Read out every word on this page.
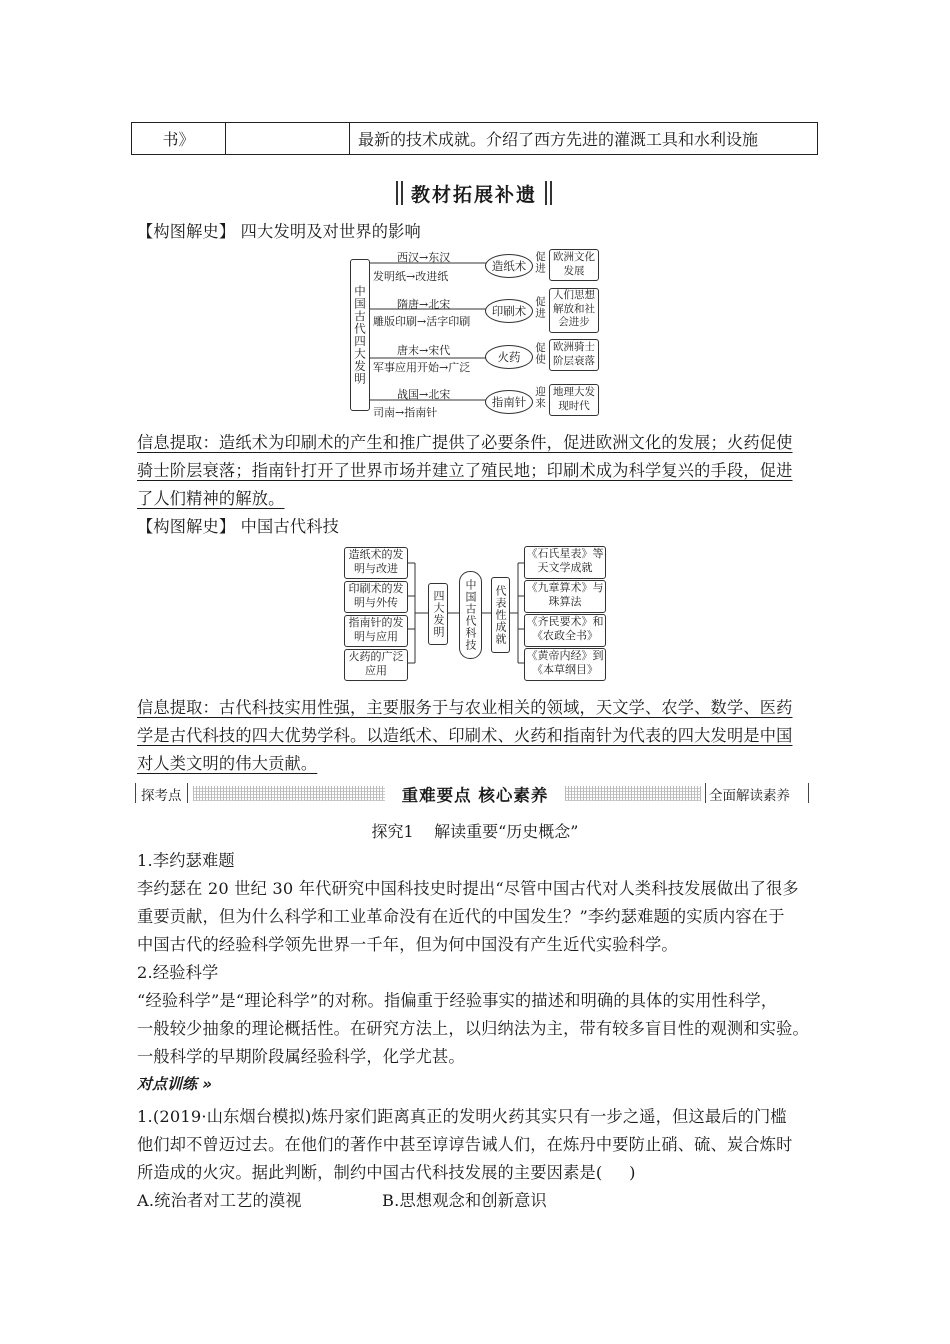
书》		最新的技术成就。介绍了西方先进的灌溉工具和水利设施
教材拓展补遗
【构图解史】 四大发明及对世界的影响
中国古代四大发明
西汉→东汉
发明纸→改进纸
造纸术 促进 欧洲文化发展
隋唐→北宋
雕版印刷→活字印刷
印刷术 促进
人们思想解放和社会进步
唐末→宋代
军事应用开始→广泛
火药	促使 欧洲骑士阶层衰落
战国→北宋
司南→指南针
指南针 迎来 地理大发现时代
信息提取：造纸术为印刷术的产生和推广提供了必要条件，促进欧洲文化的发展；火药促使
骑士阶层衰落；指南针打开了世界市场并建立了殖民地；印刷术成为科学复兴的手段，促进
了人们精神的解放。
【构图解史】 中国古代科技
造纸术的发明与改进
印刷术的发明与外传
指南针的发明与应用
火药的广泛应用
四大发明	中国古代科技	代表性成就
《石氏星表》等天文学成就
《九章算术》与珠算法
《齐民要术》和《农政全书》
《黄帝内经》到《本草纲目》
信息提取：古代科技实用性强，主要服务于与农业相关的领域，天文学、农学、数学、医药
学是古代科技的四大优势学科。以造纸术、印刷术、火药和指南针为代表的四大发明是中国
对人类文明的伟大贡献。
探考点	重难要点 核心素养	全面解读素养
探究1    解读重要“历史概念”
1.李约瑟难题
李约瑟在 20 世纪 30 年代研究中国科技史时提出“尽管中国古代对人类科技发展做出了很多
重要贡献，但为什么科学和工业革命没有在近代的中国发生？”李约瑟难题的实质内容在于
中国古代的经验科学领先世界一千年，但为何中国没有产生近代实验科学。
2.经验科学
“经验科学”是“理论科学”的对称。指偏重于经验事实的描述和明确的具体的实用性科学，
一般较少抽象的理论概括性。在研究方法上，以归纳法为主，带有较多盲目性的观测和实验。
一般科学的早期阶段属经验科学，化学尤甚。
对点训练 »
1.(2019·山东烟台模拟)炼丹家们距离真正的发明火药其实只有一步之遥，但这最后的门槛
他们却不曾迈过去。在他们的著作中甚至谆谆告诫人们，在炼丹中要防止硝、硫、炭合炼时
所造成的火灾。据此判断，制约中国古代科技发展的主要因素是(     )
A.统治者对工艺的漠视	B.思想观念和创新意识
